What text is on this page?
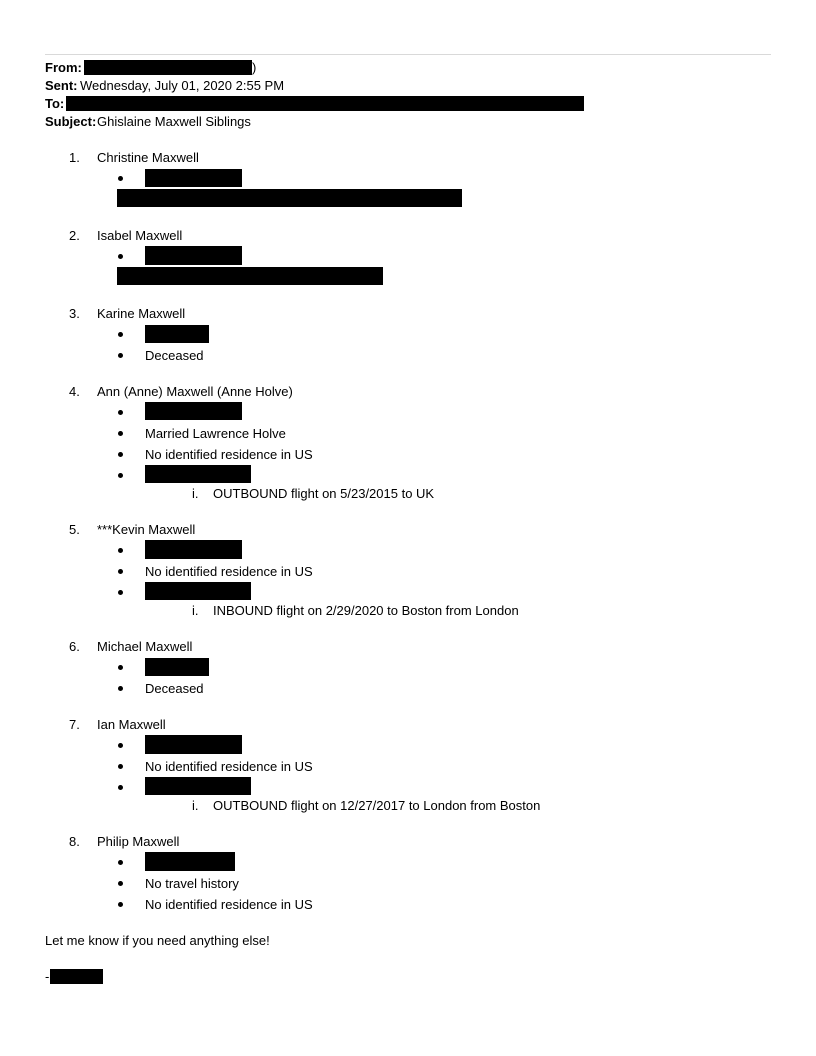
From:	)
Sent: Wednesday, July 01, 2020 2:55 PM
To:
Subject: Ghislaine Maxwell Siblings
1. Christine Maxwell
2. Isabel Maxwell
3. Karine Maxwell
Deceased
4. Ann (Anne) Maxwell (Anne Holve)
Married Lawrence Holve
No identified residence in US
i. OUTBOUND flight on 5/23/2015 to UK
5. ***Kevin Maxwell
No identified residence in US
i. INBOUND flight on 2/29/2020 to Boston from London
6. Michael Maxwell
Deceased
7. Ian Maxwell
No identified residence in US
i. OUTBOUND flight on 12/27/2017 to London from Boston
8. Philip Maxwell
No travel history
No identified residence in US
Let me know if you need anything else!
-
